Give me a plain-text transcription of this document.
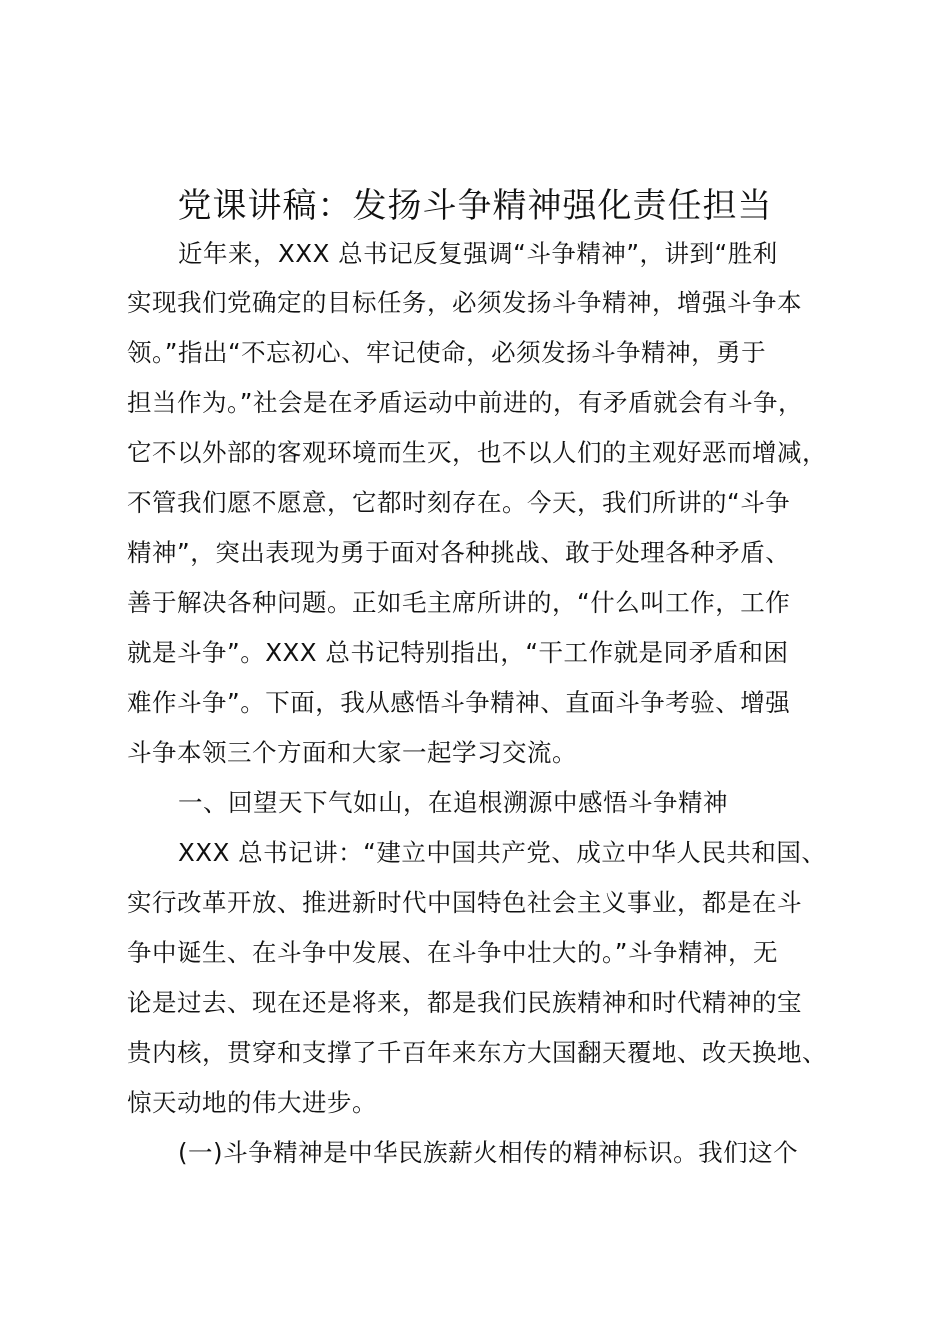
党课讲稿：发扬斗争精神强化责任担当
近年来，XXX 总书记反复强调“斗争精神”，讲到“胜利
实现我们党确定的目标任务，必须发扬斗争精神，增强斗争本
领。”指出“不忘初心、牢记使命，必须发扬斗争精神，勇于
担当作为。”社会是在矛盾运动中前进的，有矛盾就会有斗争，
它不以外部的客观环境而生灭，也不以人们的主观好恶而增减，
不管我们愿不愿意，它都时刻存在。今天，我们所讲的“斗争
精神”，突出表现为勇于面对各种挑战、敢于处理各种矛盾、
善于解决各种问题。正如毛主席所讲的，“什么叫工作，工作
就是斗争”。XXX 总书记特别指出，“干工作就是同矛盾和困
难作斗争”。下面，我从感悟斗争精神、直面斗争考验、增强
斗争本领三个方面和大家一起学习交流。
一、回望天下气如山，在追根溯源中感悟斗争精神
XXX 总书记讲：“建立中国共产党、成立中华人民共和国、
实行改革开放、推进新时代中国特色社会主义事业，都是在斗
争中诞生、在斗争中发展、在斗争中壮大的。”斗争精神，无
论是过去、现在还是将来，都是我们民族精神和时代精神的宝
贵内核，贯穿和支撑了千百年来东方大国翻天覆地、改天换地、
惊天动地的伟大进步。
(一)斗争精神是中华民族薪火相传的精神标识。我们这个
